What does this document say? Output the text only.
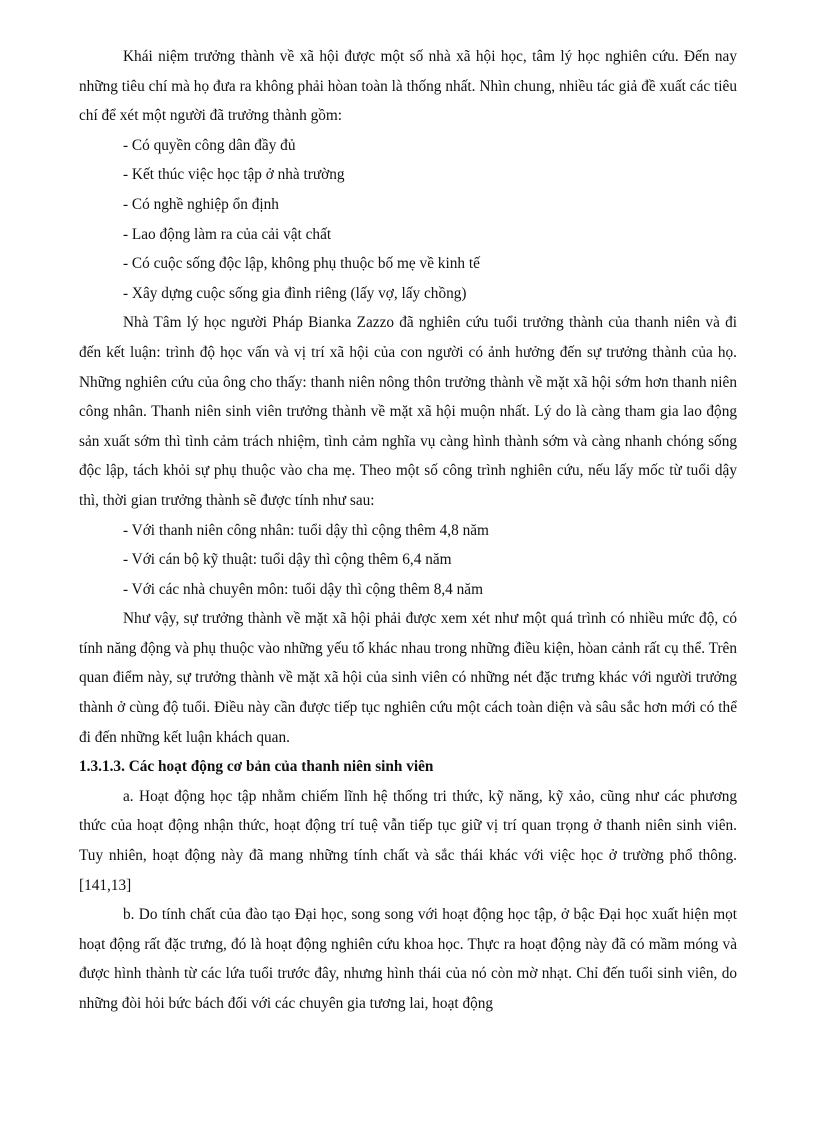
Khái niệm trưởng thành về xã hội được một số nhà xã hội học, tâm lý học nghiên cứu. Đến nay những tiêu chí mà họ đưa ra không phải hòan toàn là thống nhất. Nhìn chung, nhiều tác giả đề xuất các tiêu chí để xét một người đã trưởng thành gồm:

- Có quyền công dân đầy đủ

- Kết thúc việc học tập ở nhà trường

- Có nghề nghiệp ổn định

- Lao động làm ra của cải vật chất

- Có cuộc sống độc lập, không phụ thuộc bố mẹ về kinh tế

- Xây dựng cuộc sống gia đình riêng (lấy vợ, lấy chồng)

Nhà Tâm lý học người Pháp Bianka Zazzo đã nghiên cứu tuổi trưởng thành của thanh niên và đi đến kết luận: trình độ học vấn và vị trí xã hội của con người có ảnh hưởng đến sự trưởng thành của họ. Những nghiên cứu của ông cho thấy: thanh niên nông thôn trưởng thành về mặt xã hội sớm hơn thanh niên công nhân. Thanh niên sinh viên trưởng thành về mặt xã hội muộn nhất. Lý do là càng tham gia lao động sản xuất sớm thì tình cảm trách nhiệm, tình cảm nghĩa vụ càng hình thành sớm và càng nhanh chóng sống độc lập, tách khỏi sự phụ thuộc vào cha mẹ. Theo một số công trình nghiên cứu, nếu lấy mốc từ tuổi dậy thì, thời gian trưởng thành sẽ được tính như sau:

- Với thanh niên công nhân: tuổi dậy thì cộng thêm 4,8 năm

- Với cán bộ kỹ thuật: tuổi dậy thì cộng thêm 6,4 năm

- Với các nhà chuyên môn: tuổi dậy thì cộng thêm 8,4 năm

Như vậy, sự trưởng thành về mặt xã hội phải được xem xét như một quá trình có nhiều mức độ, có tính năng động và phụ thuộc vào những yếu tố khác nhau trong những điều kiện, hòan cảnh rất cụ thể. Trên quan điểm này, sự trưởng thành về mặt xã hội của sinh viên có những nét đặc trưng khác với người trưởng thành ở cùng độ tuổi. Điều này cần được tiếp tục nghiên cứu một cách toàn diện và sâu sắc hơn mới có thể đi đến những kết luận khách quan.

1.3.1.3. Các hoạt động cơ bản của thanh niên sinh viên

a. Hoạt động học tập nhằm chiếm lĩnh hệ thống tri thức, kỹ năng, kỹ xảo, cũng như các phương thức của hoạt động nhận thức, hoạt động trí tuệ vẫn tiếp tục giữ vị trí quan trọng ở thanh niên sinh viên. Tuy nhiên, hoạt động này đã mang những tính chất và sắc thái khác với việc học ở trường phổ thông. [141,13]

b. Do tính chất của đào tạo Đại học, song song với hoạt động học tập, ở bậc Đại học xuất hiện mọt hoạt động rất đặc trưng, đó là hoạt động nghiên cứu khoa học. Thực ra hoạt động này đã có mầm móng và được hình thành từ các lứa tuổi trước đây, nhưng hình thái của nó còn mờ nhạt. Chỉ đến tuổi sinh viên, do những đòi hỏi bức bách đối với các chuyên gia tương lai, hoạt động
